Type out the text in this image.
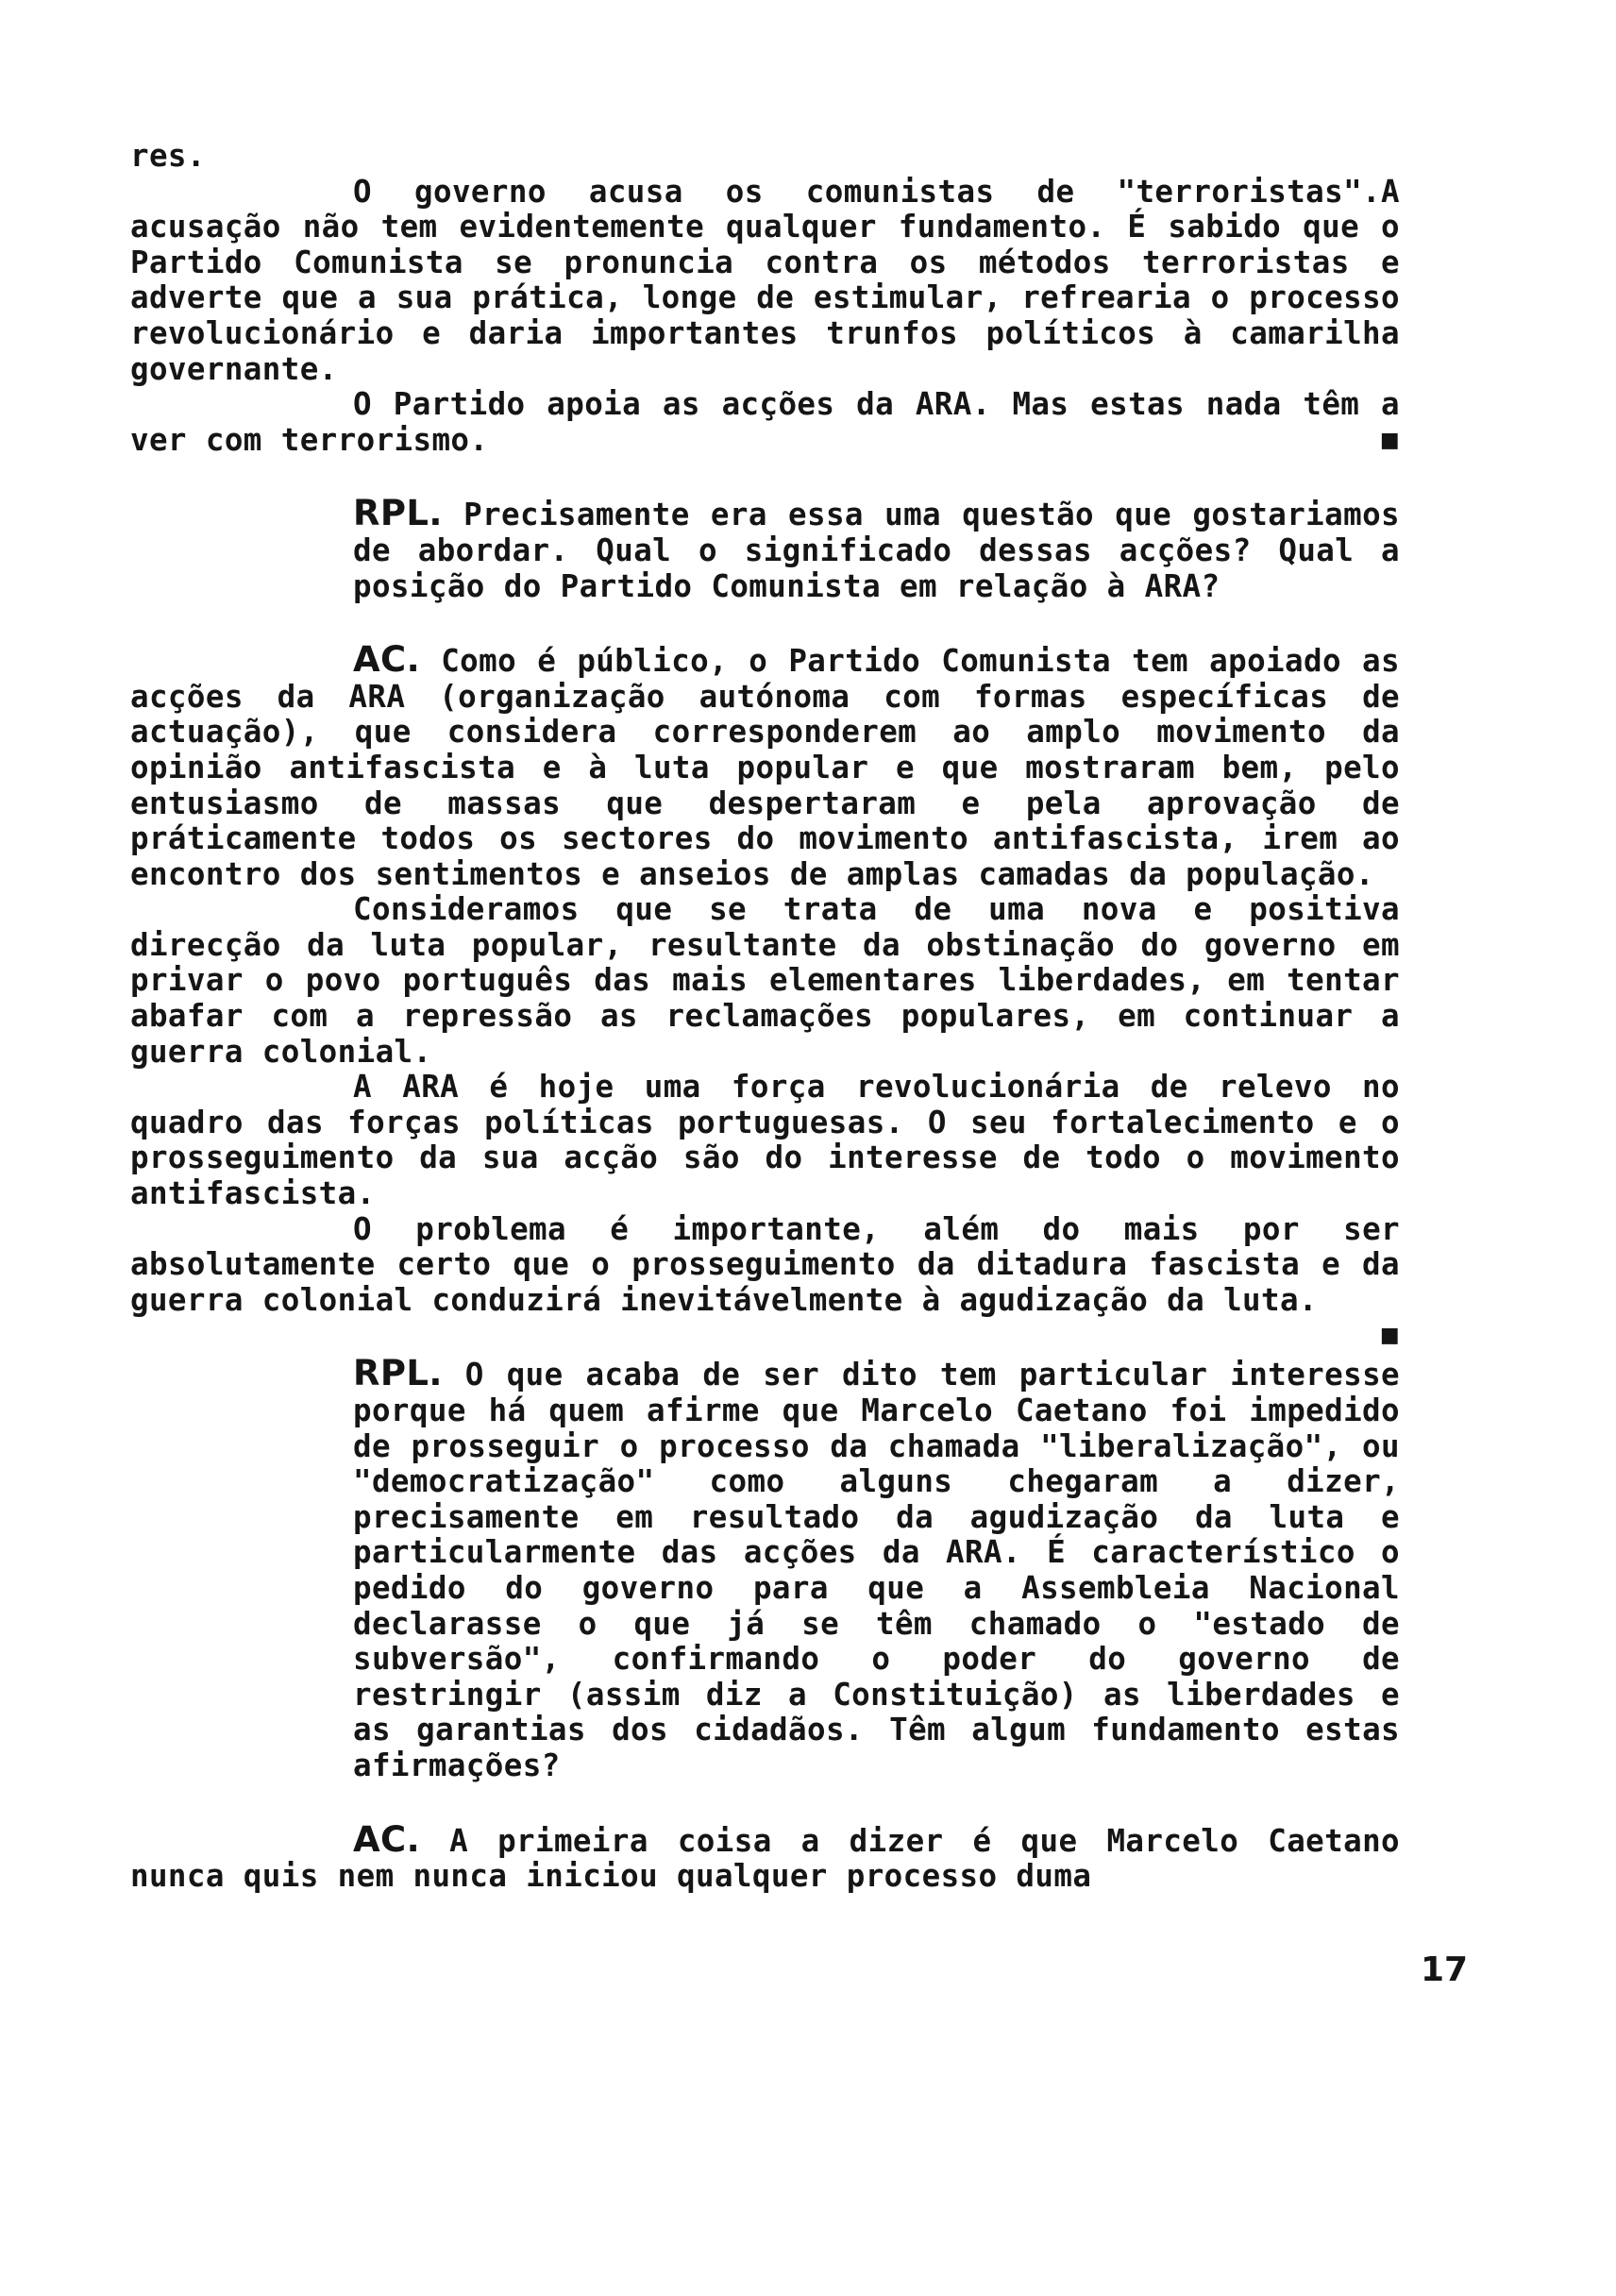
res.

O governo acusa os comunistas de "terroristas".A acusação não tem evidentemente qualquer fundamento. É sabido que o Partido Comunista se pronuncia contra os métodos terroristas e adverte que a sua prática, longe de estimular, refrearia o processo revolucionário e daria importantes trunfos políticos à camarilha governante.

O Partido apoia as acções da ARA. Mas estas nada têm a ver com terrorismo.	■

RPL. Precisamente era essa uma questão que gostariamos de abordar. Qual o significado dessas acções? Qual a posição do Partido Comunista em relação à ARA?

AC. Como é público, o Partido Comunista tem apoiado as acções da ARA (organização autónoma com formas específicas de actuação), que considera corresponderem ao amplo movimento da opinião antifascista e à luta popular e que mostraram bem, pelo entusiasmo de massas que despertaram e pela aprovação de práticamente todos os sectores do movimento antifascista, irem ao encontro dos sentimentos e anseios de amplas camadas da população.

Consideramos que se trata de uma nova e positiva direcção da luta popular, resultante da obstinação do governo em privar o povo português das mais elementares liberdades, em tentar abafar com a repressão as reclamações populares, em continuar a guerra colonial.

A ARA é hoje uma força revolucionária de relevo no quadro das forças políticas portuguesas. O seu fortalecimento e o prosseguimento da sua acção são do interesse de todo o movimento antifascista.

O problema é importante, além do mais por ser absolutamente certo que o prosseguimento da ditadura fascista e da guerra colonial conduzirá inevitávelmente à agudização da luta.
■

RPL. O que acaba de ser dito tem particular interesse porque há quem afirme que Marcelo Caetano foi impedido de prosseguir o processo da chamada "liberalização", ou "democratização" como alguns chegaram a dizer, precisamente em resultado da agudização da luta e particularmente das acções da ARA. É característico o pedido do governo para que a Assembleia Nacional declarasse o que já se têm chamado o "estado de subversão", confirmando o poder do governo de restringir (assim diz a Constituição) as liberdades e as garantias dos cidadãos. Têm algum fundamento estas afirmações?

AC. A primeira coisa a dizer é que Marcelo Caetano nunca quis nem nunca iniciou qualquer processo duma

17
